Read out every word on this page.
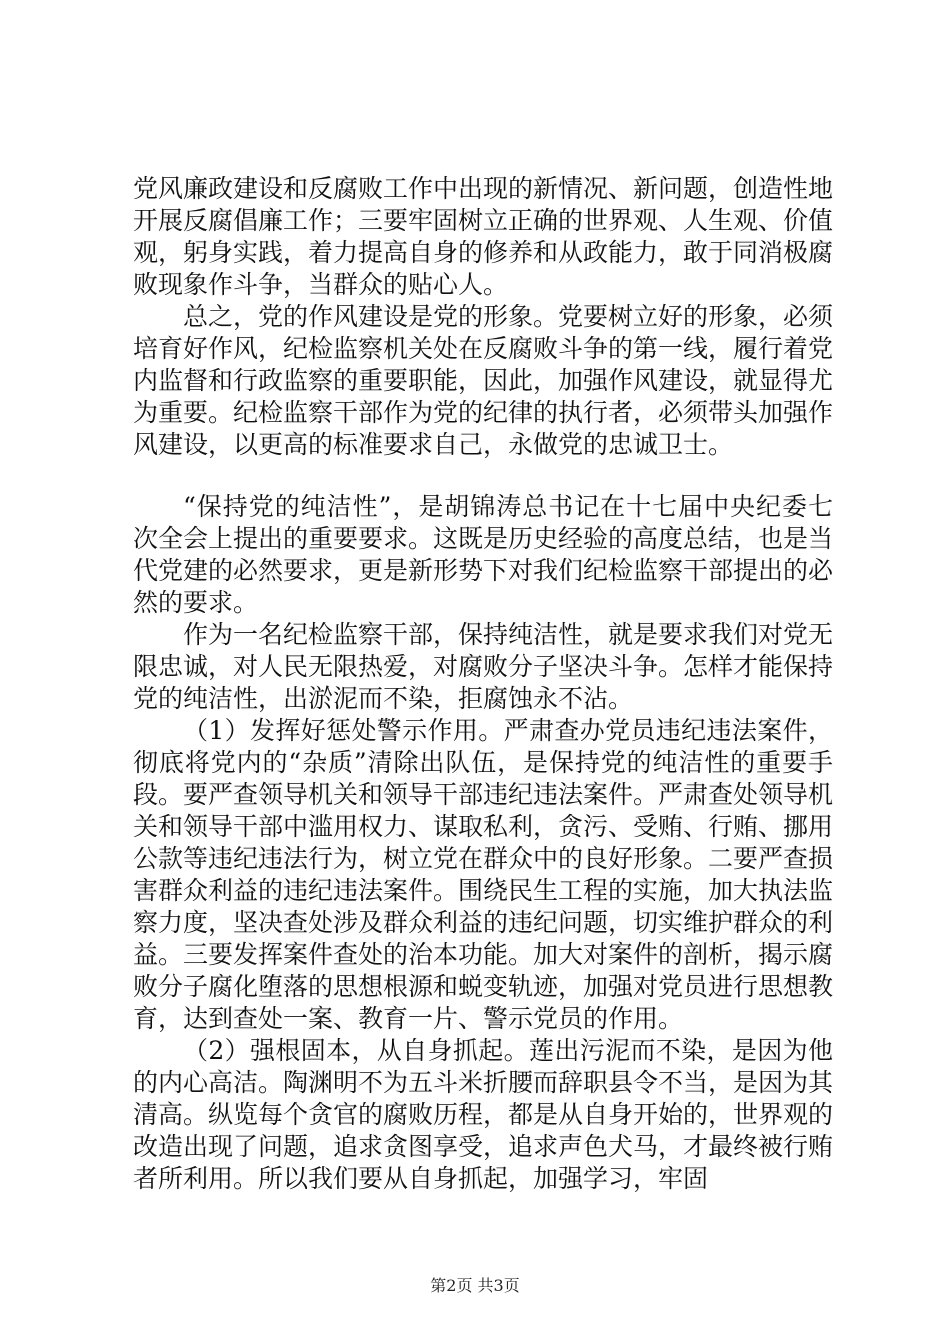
党风廉政建设和反腐败工作中出现的新情况、新问题，创造性地开展反腐倡廉工作；三要牢固树立正确的世界观、人生观、价值观，躬身实践，着力提高自身的修养和从政能力，敢于同消极腐败现象作斗争，当群众的贴心人。

总之，党的作风建设是党的形象。党要树立好的形象，必须培育好作风，纪检监察机关处在反腐败斗争的第一线，履行着党内监督和行政监察的重要职能，因此，加强作风建设，就显得尤为重要。纪检监察干部作为党的纪律的执行者，必须带头加强作风建设，以更高的标准要求自己，永做党的忠诚卫士。

“保持党的纯洁性”，是胡锦涛总书记在十七届中央纪委七次全会上提出的重要要求。这既是历史经验的高度总结，也是当代党建的必然要求，更是新形势下对我们纪检监察干部提出的必然的要求。

作为一名纪检监察干部，保持纯洁性，就是要求我们对党无限忠诚，对人民无限热爱，对腐败分子坚决斗争。怎样才能保持党的纯洁性，出淤泥而不染，拒腐蚀永不沾。

（1）发挥好惩处警示作用。严肃查办党员违纪违法案件，彻底将党内的“杂质”清除出队伍，是保持党的纯洁性的重要手段。要严查领导机关和领导干部违纪违法案件。严肃查处领导机关和领导干部中滥用权力、谋取私利，贪污、受贿、行贿、挪用公款等违纪违法行为，树立党在群众中的良好形象。二要严查损害群众利益的违纪违法案件。围绕民生工程的实施，加大执法监察力度，坚决查处涉及群众利益的违纪问题，切实维护群众的利益。三要发挥案件查处的治本功能。加大对案件的剖析，揭示腐败分子腐化堕落的思想根源和蜕变轨迹，加强对党员进行思想教育，达到查处一案、教育一片、警示党员的作用。

（2）强根固本，从自身抓起。莲出污泥而不染，是因为他的内心高洁。陶渊明不为五斗米折腰而辞职县令不当，是因为其清高。纵览每个贪官的腐败历程，都是从自身开始的，世界观的改造出现了问题，追求贪图享受，追求声色犬马，才最终被行贿者所利用。所以我们要从自身抓起，加强学习，牢固

第2页 共3页
